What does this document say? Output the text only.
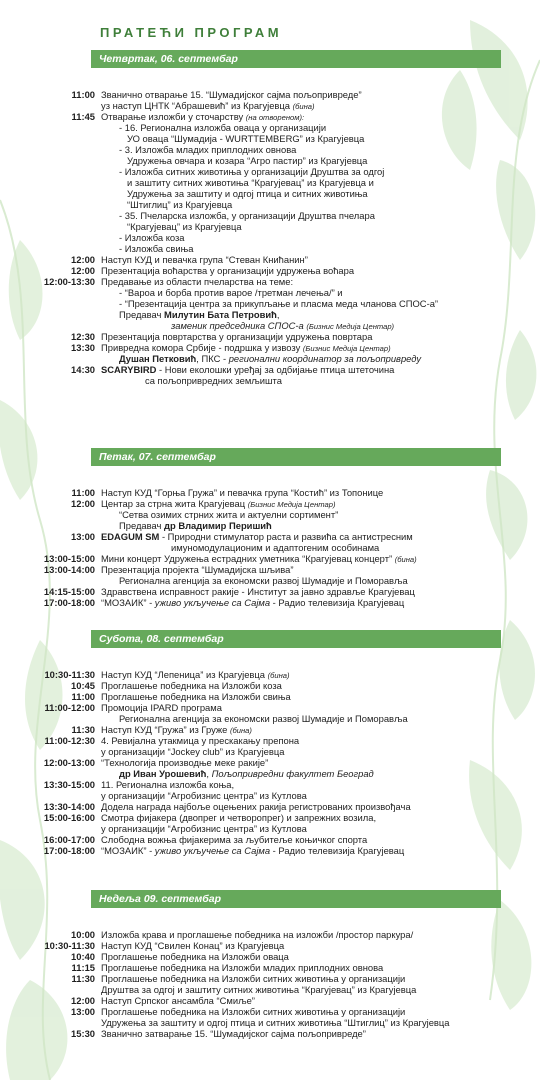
ПРАТЕЋИ ПРОГРАМ
Четвртак, 06. септембар
11:00 Званично отварање 15. “Шумадијског сајма пољопривреде”
уз наступ ЦНТК “Абрашевић” из Крагујевца (бина)
11:45 Отварање изложби у сточарству (на отвореном):
- 16. Регионална изложба оваца у организацији
УО оваца “Шумадија - WURTTEMBERG” из Крагујевца
- 3. Изложба младих приплодних овнова
Удружења овчара и козара “Агро пастир” из Крагујевца
- Изложба ситних животиња у организацији Друштва за одгој
и заштиту ситних животиња “Крагујевац” из Крагујевца и
Удружења за заштиту и одгој птица и ситних животиња
“Штиглиц” из Крагујевца
- 35. Пчеларска изложба, у организацији Друштва пчелара
“Крагујевац” из Крагујевца
- Изложба коза
- Изложба свиња
12:00 Наступ КУД и певачка група “Стеван Книћанин”
12:00 Презентација воћарства у организацији удружења воћара
12:00-13:30 Предавање из области пчеларства на теме:
- “Вароа и борба против вароe /третман лечења/” и
- “Презентација центра за прикупљање и пласма меда чланова СПОС-а”
Предавач Милутин Бата Петровић,
заменик председника СПОС-а (Бизнис Медија Центар)
12:30 Презентација повртарства у организацији удружења повртара
13:30 Привредна комора Србије - подршка у извозу (Бизнис Медија Центар)
Душан Петковић, ПКС - регионални координатор за пољопривреду
14:30 SCARYBIRD - Нови еколошки уређај за одбијање птица штеточина
са пољопривредних земљишта
Петак, 07. септембар
11:00 Наступ КУД “Горња Гружа” и певачка група “Костић” из Топонице
12:00 Центар за стрна жита Крагујевац (Бизнис Медија Центар)
“Сетва озимих стрних жита и актуелни сортимент”
Предавач др Владимир Перишић
13:00 EDAGUM SM - Природни стимулатор раста и развића са антистресним
имуномодулационим и адаптогеним особинама
13:00-15:00 Мини концерт Удружења естрадних уметника “Крагујевац концерт” (бина)
13:00-14:00 Презентација пројекта “Шумадијска шљива”
Регионална агенција за економски развој Шумадије и Поморавља
14:15-15:00 Здравствена исправност ракије - Институт за јавно здравље Крагујевац
17:00-18:00 “МОЗАИК” - уживо укључење са Сајма - Радио телевизија Крагујевац
Субота, 08. септембар
10:30-11:30 Наступ КУД “Лепеница” из Крагујевца (бина)
10:45 Проглашење победника на Изложби коза
11:00 Проглашење победника на Изложби свиња
11:00-12:00 Промоција IPARD програма
Регионална агенција за економски развој Шумадије и Поморавља
11:30 Наступ КУД “Гружа” из Груже (бина)
11:00-12:30 4. Ревијална утакмица у прескакању препона
у организацији “Jockey club” из Крагујевца
12:00-13:00 “Технологија производње меке ракије”
др Иван Урошевић, Пољопривредни факултет Београд
13:30-15:00 11. Регионална изложба коња,
у организацији “Агробизнис центра” из Кутлова
13:30-14:00 Додела награда најбоље оцењених ракија регистрованих произвођача
15:00-16:00 Смотра фијакера (двопрег и четворопрег) и запрежних возила,
у организацији “Агробизнис центра” из Кутлова
16:00-17:00 Слободна вожња фијакерима за љубитеље коњичког спорта
17:00-18:00 “МОЗАИК” - уживо укључење са Сајма - Радио телевизија Крагујевац
Недеља 09. септембар
10:00 Изложба крава и проглашење победника на изложби /простор паркура/
10:30-11:30 Наступ КУД “Свилен Конац” из Крагујевца
10:40 Проглашење победника на Изложби оваца
11:15 Проглашење победника на Изложби младих приплодних овнова
11:30 Проглашење победника на Изложби ситних животиња у организацији
Друштва за одгој и заштиту ситних животиња “Крагујевац” из Крагујевца
12:00 Наступ Српског ансамбла “Смиље”
13:00 Проглашење победника на Изложби ситних животиња у организацији
Удружења за заштиту и одгој птица и ситних животиња “Штиглиц” из Крагујевца
15:30 Званично затварање 15. “Шумадијског сајма пољопривреде”
